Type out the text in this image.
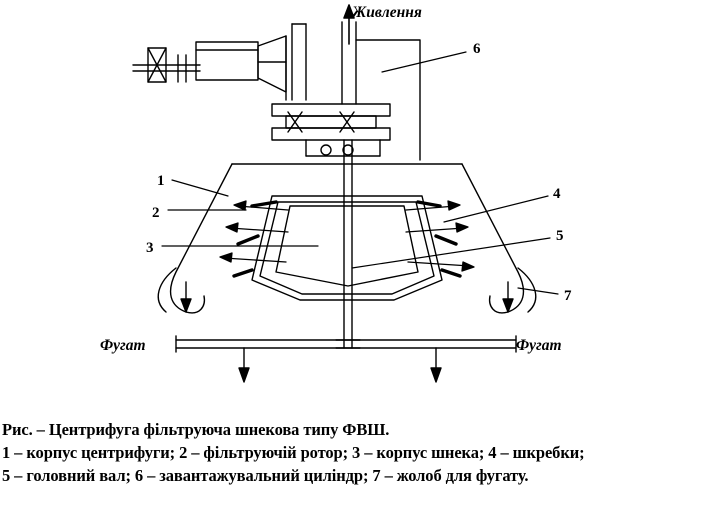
Живлення
Фугат	Фугат
1
2
3
4
5
6
7
Рис. – Центрифуга фільтруюча шнекова типу ФВШ.
1 – корпус центрифуги; 2 – фільтруючій ротор; 3 – корпус шнека; 4 – шкребки;
5 – головний вал; 6 – завантажувальний циліндр; 7 – жолоб для фугату.
